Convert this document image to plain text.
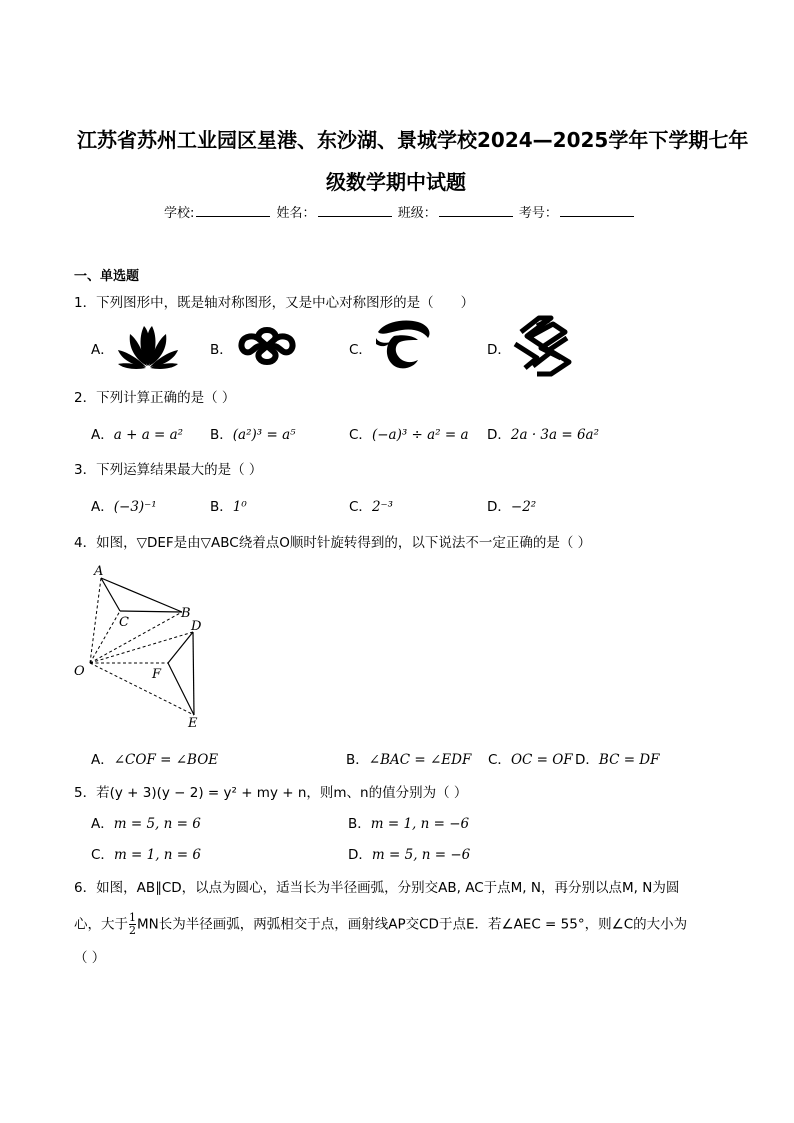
江苏省苏州工业园区星港、东沙湖、景城学校2024—2025学年下学期七年
级数学期中试题
学校:	姓名：	班级：	考号：
一、单选题
1．下列图形中，既是轴对称图形，又是中心对称图形的是（　　）
A．	B．	C．	D．
2．下列计算正确的是（ ）
A．a + a = a² B．(a²)³ = a⁵	C．(−a)³ ÷ a² = a D．2a · 3a = 6a²
3．下列运算结果最大的是（ ）
A．(−3)⁻¹	B．1⁰	C．2⁻³	D．−2²
4．如图，▽DEF是由▽ABC绕着点O顺时针旋转得到的，以下说法不一定正确的是（ ）
A
B
C	D
E
F
O
A．∠COF = ∠BOE	B．∠BAC = ∠EDF C．OC = OF D．BC = DF
5．若(y + 3)(y − 2) = y² + my + n，则m、n的值分别为（ ）
A．m = 5, n = 6	B．m = 1, n = −6
C．m = 1, n = 6	D．m = 5, n = −6
6．如图，AB∥CD，以点为圆心，适当长为半径画弧，分别交AB, AC于点M, N，再分别以点M, N为圆
心，大于 $\frac{1}{2}$ MN长为半径画弧，两弧相交于点，画射线AP交CD于点E．若∠AEC = 55°，则∠C的大小为
（ ）
